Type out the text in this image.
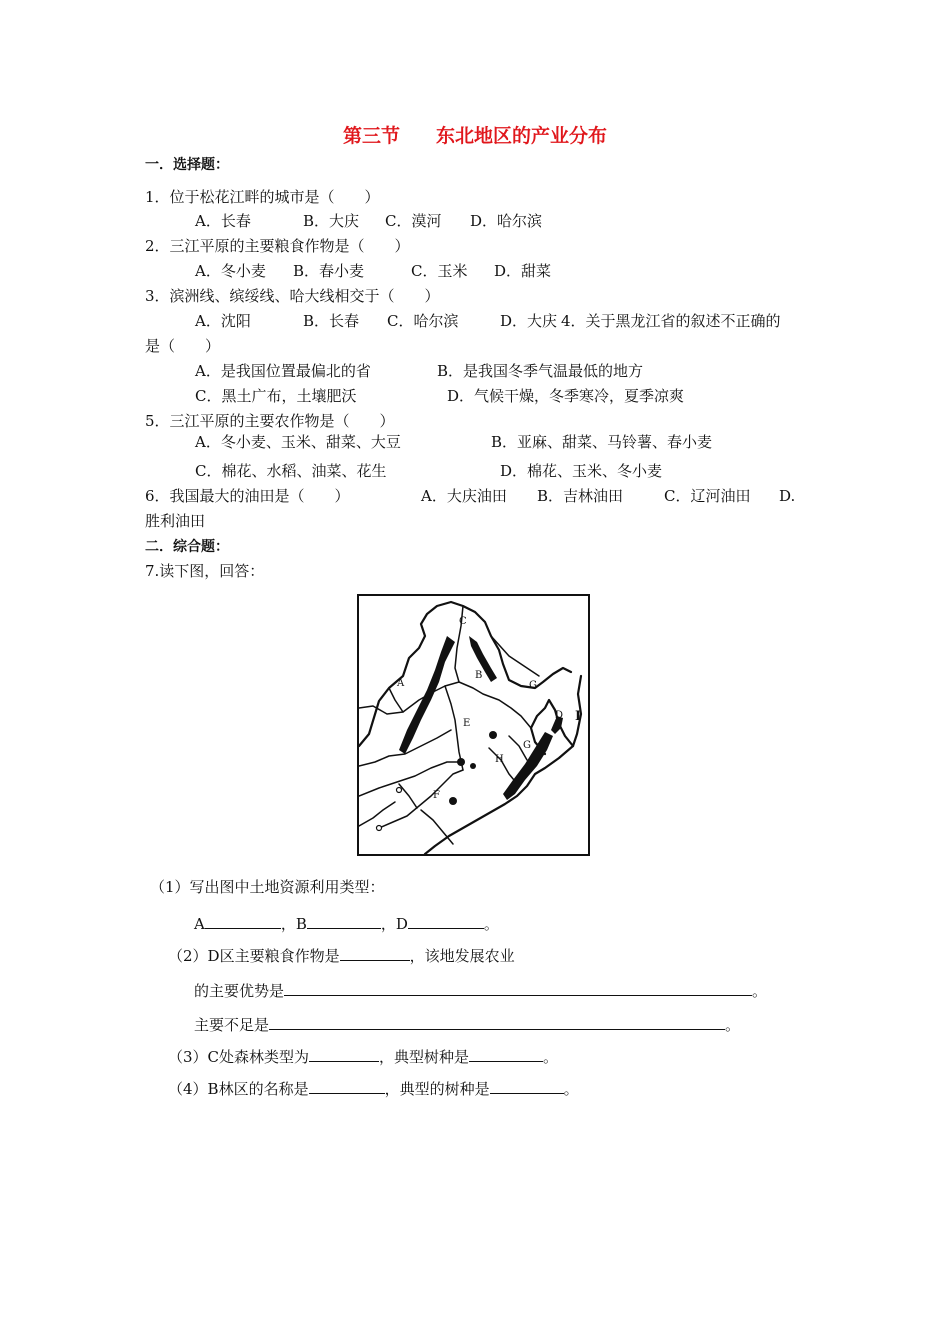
第三节 东北地区的产业分布
一．选择题：
1．位于松花江畔的城市是（　　）
A．长春	B．大庆 C．漠河 D．哈尔滨
2．三江平原的主要粮食作物是（　　）
A．冬小麦 B．春小麦	C．玉米 D．甜菜
3．滨洲线、缤绥线、哈大线相交于（　　）
A．沈阳	B．长春 C．哈尔滨	D．大庆 4．关于黑龙江省的叙述不正确的
是（　　）
A．是我国位置最偏北的省	B．是我国冬季气温最低的地方
C．黑土广布，土壤肥沃	D．气候干燥，冬季寒冷，夏季凉爽
5．三江平原的主要农作物是（　　）
A．冬小麦、玉米、甜菜、大豆	B．亚麻、甜菜、马铃薯、春小麦
C．棉花、水稻、油菜、花生	D．棉花、玉米、冬小麦
6．我国最大的油田是（　　）	A．大庆油田 B．吉林油田	C．辽河油田 D.
胜利油田
二．综合题：
7.读下图，回答：
C
A
B
G
D I
E
H
G
F
（1）写出图中土地资源利用类型：
A	，B	，D	。
（2）D区主要粮食作物是	，该地发展农业
的主要优势是	。
主要不足是	。
（3）C处森林类型为	，典型树种是	。
（4）B林区的名称是	，典型的树种是	。
